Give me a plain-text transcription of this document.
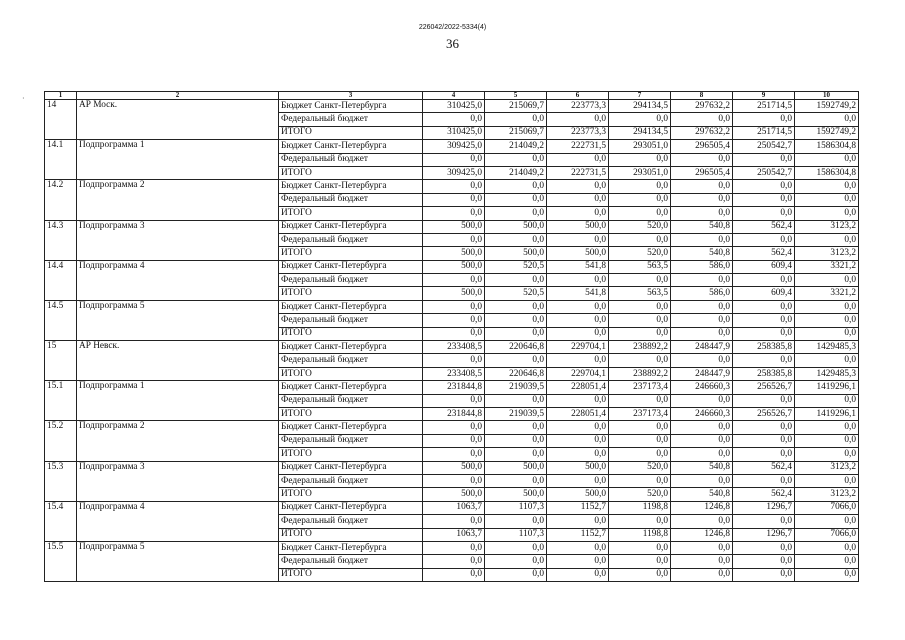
226042/2022-5334(4)
36
·	1	2	3	4	5	6	7	8	9	10
14	АР Моск.	Бюджет Санкт-Петербурга	310425,0	215069,7	223773,3	294134,5	297632,2	251714,5	1592749,2
		Федеральный бюджет	0,0	0,0	0,0	0,0	0,0	0,0	0,0
		ИТОГО	310425,0	215069,7	223773,3	294134,5	297632,2	251714,5	1592749,2
14.1	Подпрограмма 1	Бюджет Санкт-Петербурга	309425,0	214049,2	222731,5	293051,0	296505,4	250542,7	1586304,8
		Федеральный бюджет	0,0	0,0	0,0	0,0	0,0	0,0	0,0
		ИТОГО	309425,0	214049,2	222731,5	293051,0	296505,4	250542,7	1586304,8
14.2	Подпрограмма 2	Бюджет Санкт-Петербурга	0,0	0,0	0,0	0,0	0,0	0,0	0,0
		Федеральный бюджет	0,0	0,0	0,0	0,0	0,0	0,0	0,0
		ИТОГО	0,0	0,0	0,0	0,0	0,0	0,0	0,0
14.3	Подпрограмма 3	Бюджет Санкт-Петербурга	500,0	500,0	500,0	520,0	540,8	562,4	3123,2
		Федеральный бюджет	0,0	0,0	0,0	0,0	0,0	0,0	0,0
		ИТОГО	500,0	500,0	500,0	520,0	540,8	562,4	3123,2
14.4	Подпрограмма 4	Бюджет Санкт-Петербурга	500,0	520,5	541,8	563,5	586,0	609,4	3321,2
		Федеральный бюджет	0,0	0,0	0,0	0,0	0,0	0,0	0,0
		ИТОГО	500,0	520,5	541,8	563,5	586,0	609,4	3321,2
14.5	Подпрограмма 5	Бюджет Санкт-Петербурга	0,0	0,0	0,0	0,0	0,0	0,0	0,0
		Федеральный бюджет	0,0	0,0	0,0	0,0	0,0	0,0	0,0
		ИТОГО	0,0	0,0	0,0	0,0	0,0	0,0	0,0
15	АР Невск.	Бюджет Санкт-Петербурга	233408,5	220646,8	229704,1	238892,2	248447,9	258385,8	1429485,3
		Федеральный бюджет	0,0	0,0	0,0	0,0	0,0	0,0	0,0
		ИТОГО	233408,5	220646,8	229704,1	238892,2	248447,9	258385,8	1429485,3
15.1	Подпрограмма 1	Бюджет Санкт-Петербурга	231844,8	219039,5	228051,4	237173,4	246660,3	256526,7	1419296,1
		Федеральный бюджет	0,0	0,0	0,0	0,0	0,0	0,0	0,0
		ИТОГО	231844,8	219039,5	228051,4	237173,4	246660,3	256526,7	1419296,1
15.2	Подпрограмма 2	Бюджет Санкт-Петербурга	0,0	0,0	0,0	0,0	0,0	0,0	0,0
		Федеральный бюджет	0,0	0,0	0,0	0,0	0,0	0,0	0,0
		ИТОГО	0,0	0,0	0,0	0,0	0,0	0,0	0,0
15.3	Подпрограмма 3	Бюджет Санкт-Петербурга	500,0	500,0	500,0	520,0	540,8	562,4	3123,2
		Федеральный бюджет	0,0	0,0	0,0	0,0	0,0	0,0	0,0
		ИТОГО	500,0	500,0	500,0	520,0	540,8	562,4	3123,2
15.4	Подпрограмма 4	Бюджет Санкт-Петербурга	1063,7	1107,3	1152,7	1198,8	1246,8	1296,7	7066,0
		Федеральный бюджет	0,0	0,0	0,0	0,0	0,0	0,0	0,0
		ИТОГО	1063,7	1107,3	1152,7	1198,8	1246,8	1296,7	7066,0
15.5	Подпрограмма 5	Бюджет Санкт-Петербурга	0,0	0,0	0,0	0,0	0,0	0,0	0,0
		Федеральный бюджет	0,0	0,0	0,0	0,0	0,0	0,0	0,0
		ИТОГО	0,0	0,0	0,0	0,0	0,0	0,0	0,0
